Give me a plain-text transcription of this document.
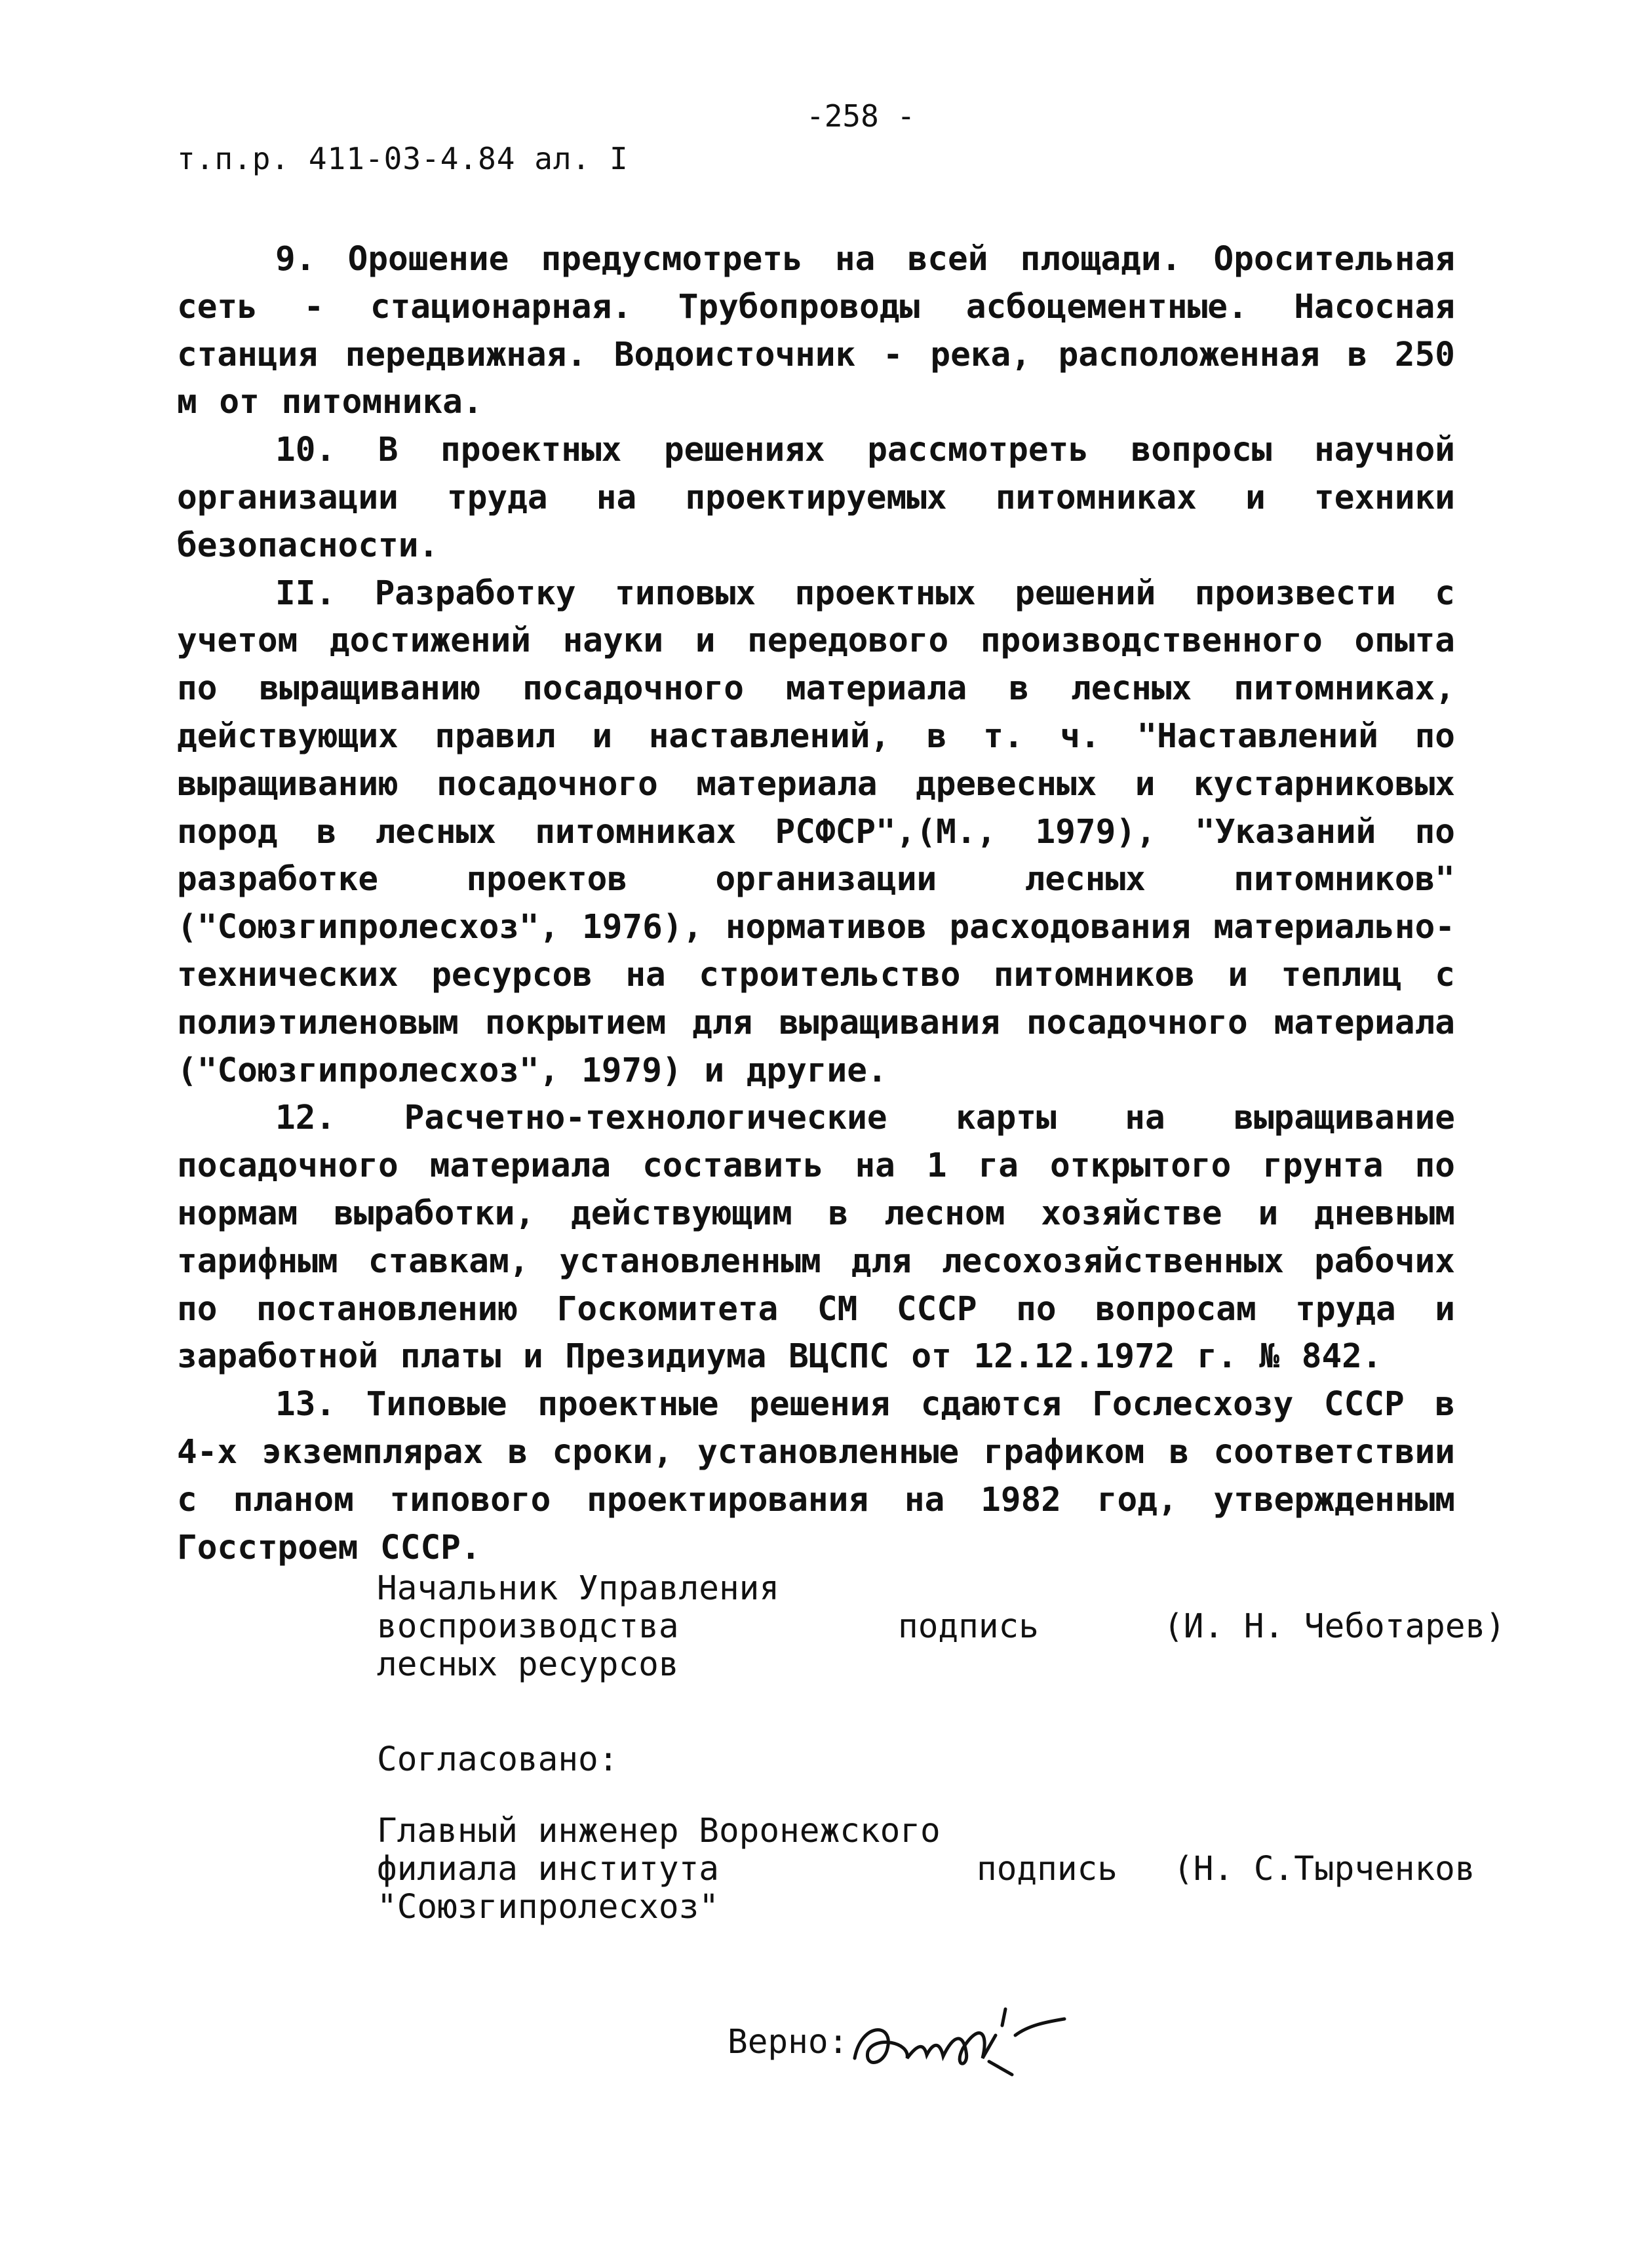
т.п.р. 411-03-4.84 ал. I
-258 -

9. Орошение предусмотреть на всей площади. Оросительная сеть - стационарная. Трубопроводы асбоцементные. Насосная станция передвижная. Водоисточник - река, расположенная в 250 м от питомника.

10. В проектных решениях рассмотреть вопросы научной организации труда на проектируемых питомниках и техники безопасности.

II. Разработку типовых проектных решений произвести с учетом достижений науки и передового производственного опыта по выращиванию посадочного материала в лесных питомниках, действующих правил и наставлений, в т. ч. "Наставлений по выращиванию посадочного материала древесных и кустарниковых пород в лесных питомниках РСФСР",(М., 1979), "Указаний по разработке проектов организации лесных питомников" ("Союзгипролесхоз", 1976), нормативов расходования материально-технических ресурсов на строительство питомников и теплиц с полиэтиленовым покрытием для выращивания посадочного материала ("Союзгипролесхоз", 1979) и другие.

12. Расчетно-технологические карты на выращивание посадочного материала составить на 1 га открытого грунта по нормам выработки, действующим в лесном хозяйстве и дневным тарифным ставкам, установленным для лесохозяйственных рабочих по постановлению Госкомитета СМ СССР по вопросам труда и заработной платы и Президиума ВЦСПС от 12.12.1972 г. № 842.

13. Типовые проектные решения сдаются Гослесхозу СССР в 4-х экземплярах в сроки, установленные графиком в соответствии с планом типового проектирования на 1982 год, утвержденным Госстроем СССР.

Начальник Управления
воспроизводства
лесных ресурсов
подпись	(И. Н. Чеботарев)
Согласовано:
Главный инженер Воронежского
филиала института
"Союзгипролесхоз"
подпись (Н. С.Тырченков
Верно:
